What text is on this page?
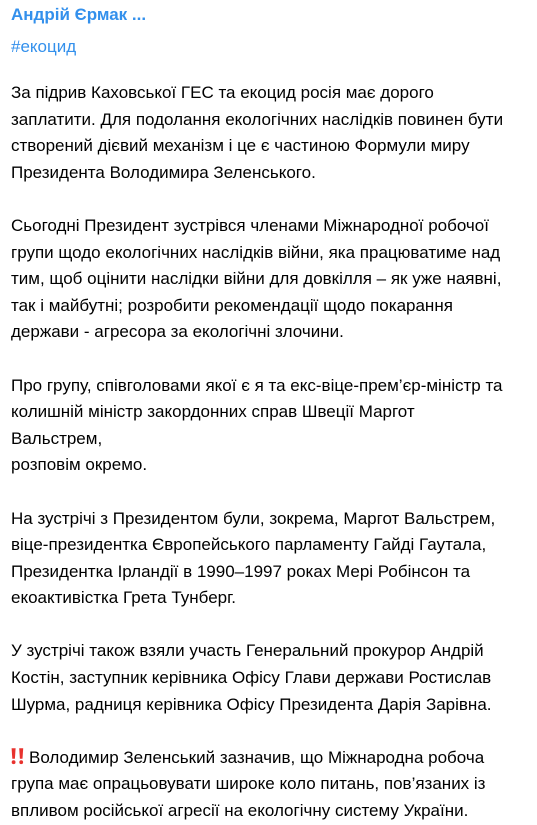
Андрій Єрмак ...
#екоцид

За підрив Каховської ГЕС та екоцид росія має дорого
заплатити. Для подолання екологічних наслідків повинен бути
створений дієвий механізм і це є частиною Формули миру
Президента Володимира Зеленського.

Сьогодні Президент зустрівся членами Міжнародної робочої
групи щодо екологічних наслідків війни, яка працюватиме над
тим, щоб оцінити наслідки війни для довкілля – як уже наявні,
так і майбутні; розробити рекомендації щодо покарання
держави - агресора за екологічні злочини.

Про групу, співголовами якої є я та екс-віце-прем’єр-міністр та
колишній міністр закордонних справ Швеції Маргот
Вальстрем,
розповім окремо.

На зустрічі з Президентом були, зокрема, Маргот Вальстрем,
віце-президентка Європейського парламенту Гайді Гаутала,
Президентка Ірландії в 1990–1997 роках Мері Робінсон та
екоактивістка Грета Тунберг.

У зустрічі також взяли участь Генеральний прокурор Андрій
Костін, заступник керівника Офісу Глави держави Ростислав
Шурма, радниця керівника Офісу Президента Дарія Зарівна.

Володимир Зеленський зазначив, що Міжнародна робоча
група має опрацьовувати широке коло питань, пов’язаних із
впливом російської агресії на екологічну систему України.
